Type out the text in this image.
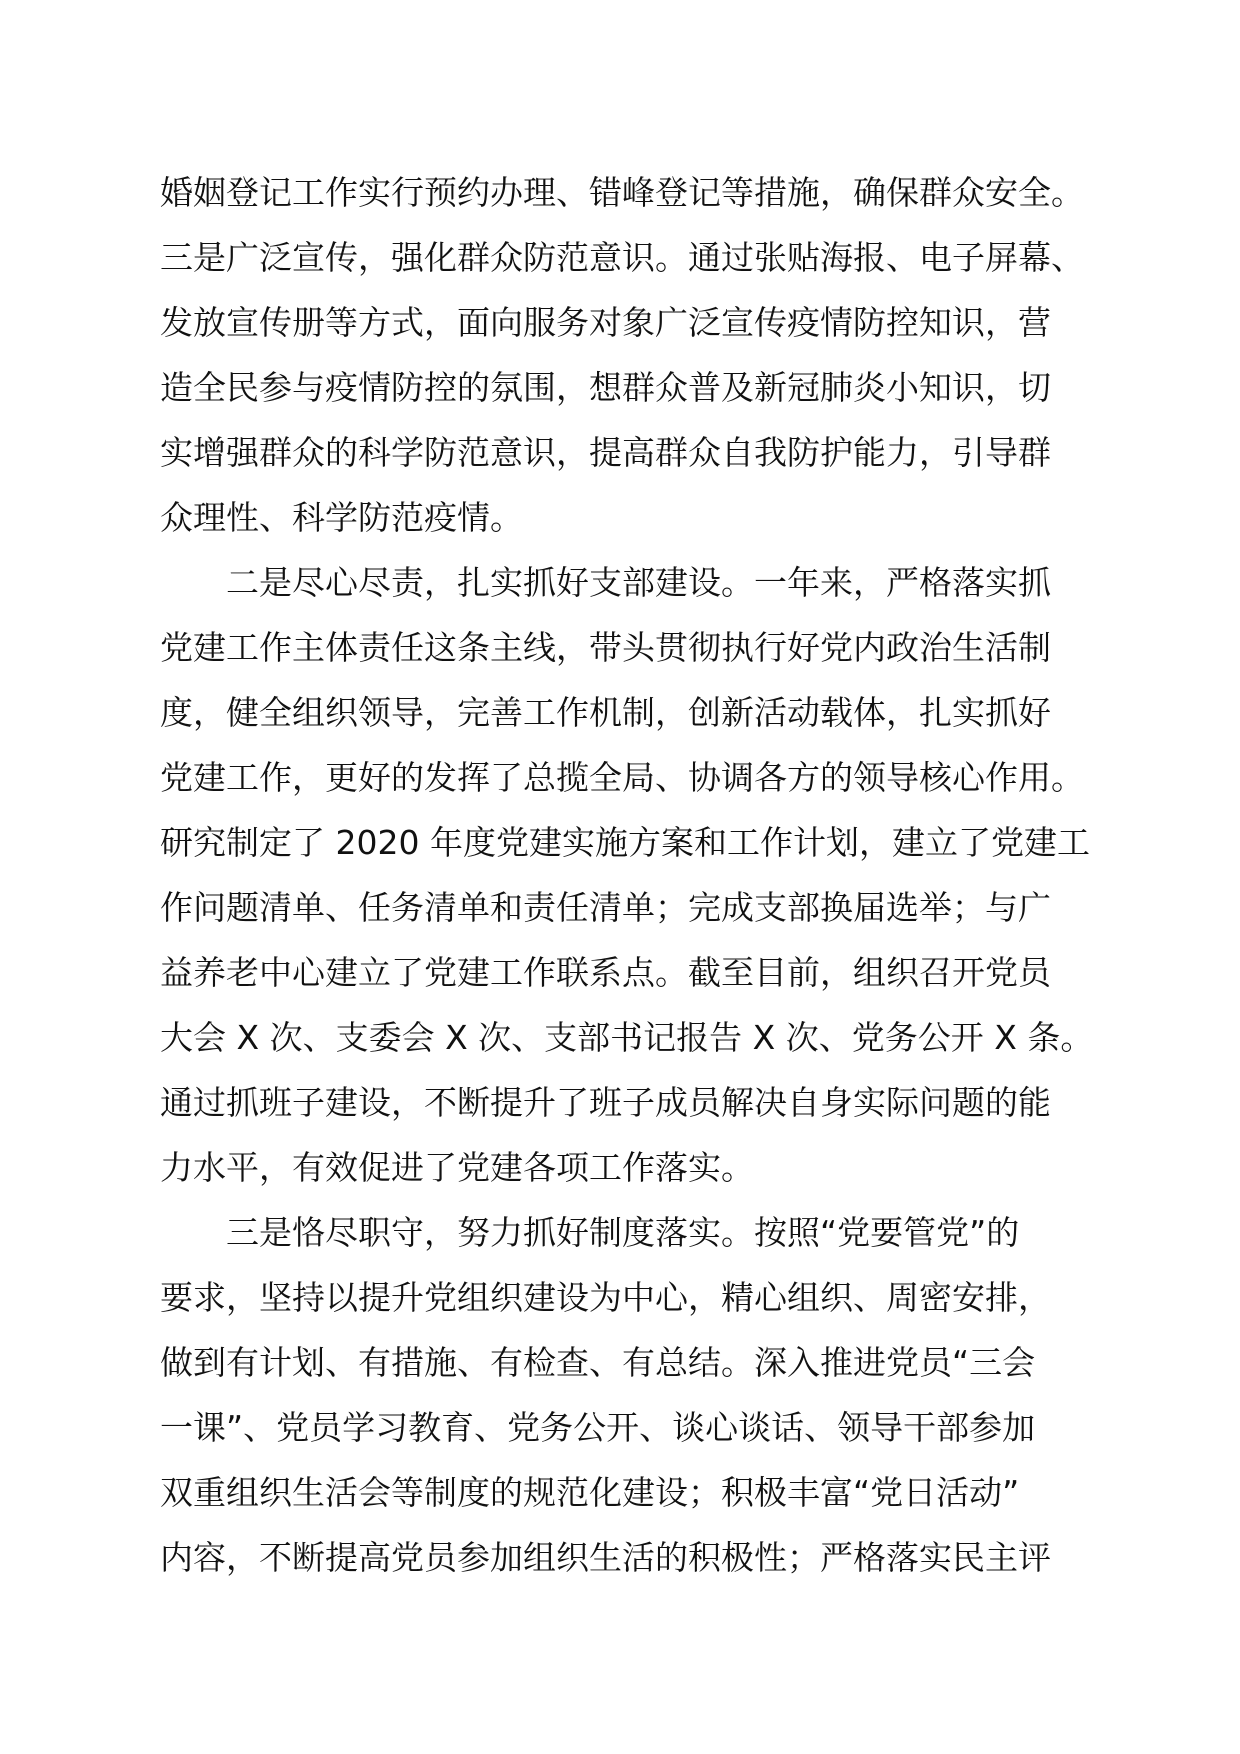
婚姻登记工作实行预约办理、错峰登记等措施，确保群众安全。
三是广泛宣传，强化群众防范意识。通过张贴海报、电子屏幕、
发放宣传册等方式，面向服务对象广泛宣传疫情防控知识，营
造全民参与疫情防控的氛围，想群众普及新冠肺炎小知识，切
实增强群众的科学防范意识，提高群众自我防护能力，引导群
众理性、科学防范疫情。
二是尽心尽责，扎实抓好支部建设。一年来，严格落实抓
党建工作主体责任这条主线，带头贯彻执行好党内政治生活制
度，健全组织领导，完善工作机制，创新活动载体，扎实抓好
党建工作，更好的发挥了总揽全局、协调各方的领导核心作用。
研究制定了 2020 年度党建实施方案和工作计划，建立了党建工
作问题清单、任务清单和责任清单；完成支部换届选举；与广
益养老中心建立了党建工作联系点。截至目前，组织召开党员
大会 X 次、支委会 X 次、支部书记报告 X 次、党务公开 X 条。
通过抓班子建设，不断提升了班子成员解决自身实际问题的能
力水平，有效促进了党建各项工作落实。
三是恪尽职守，努力抓好制度落实。按照“党要管党”的
要求，坚持以提升党组织建设为中心，精心组织、周密安排，
做到有计划、有措施、有检查、有总结。深入推进党员“三会
一课”、党员学习教育、党务公开、谈心谈话、领导干部参加
双重组织生活会等制度的规范化建设；积极丰富“党日活动”
内容，不断提高党员参加组织生活的积极性；严格落实民主评
